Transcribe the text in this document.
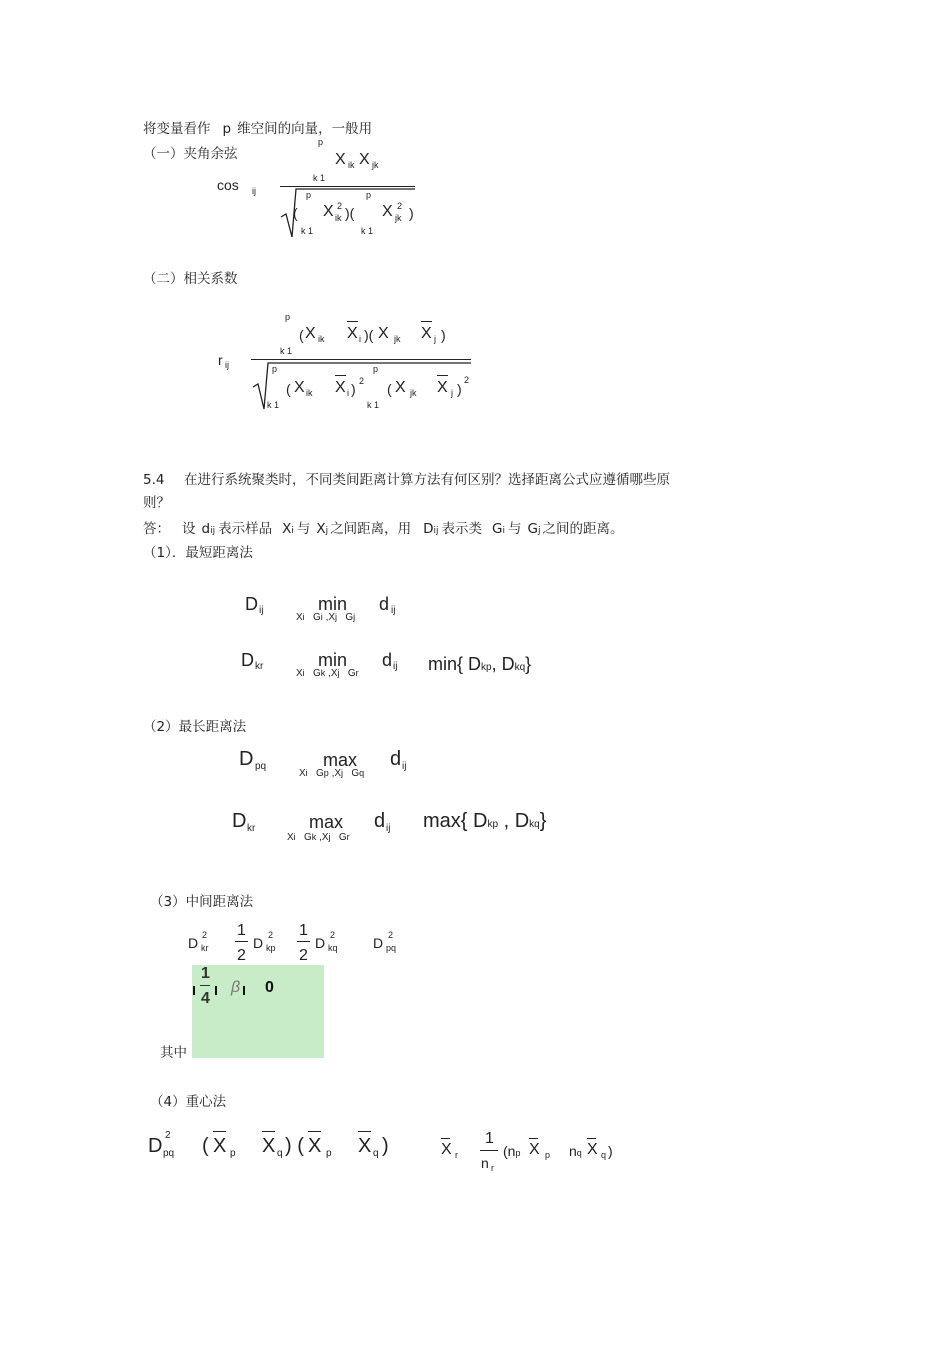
将变量看作 p 维空间的向量，一般用
（一）夹角余弦
p
X ik X jk
k 1
cos ij	p	p
( X 2
ik )( X 2
jk )
k 1	k 1
（二）相关系数
p
( X ik X i )( X jk X j )
k 1
r ij	p	p
( X ik X i ) 2 ( X jk X j )
2
k 1	k 1
5.4 在进行系统聚类时，不同类间距离计算方法有何区别？选择距离公式应遵循哪些原
则？
答： 设 dij 表示样品 Xi 与 Xj 之间距离，用 Dij 表示类 Gi 与 Gj 之间的距离。
（1）．最短距离法
D ij	min
Xi   Gi ,Xj   Gj
d ij
D kr	min
Xi   Gk ,Xj   Gr
d ij min{ Dkp, Dkq}
（2）最长距离法
D pq	max
Xi   Gp ,Xj   Gq
d ij
D kr	max
Xi   Gk ,Xj   Gr
d ij max{ Dkp , Dkq}
（3）中间距离法
D 2
kr
1
2
D 2
kp
1
2
D 2
kq	D 2
pq
1
4
β 0
其中
（4）重心法
D 2
pq ( X p X q ) ( X p X q )	X r
1
n r
(np X p nq X q )
